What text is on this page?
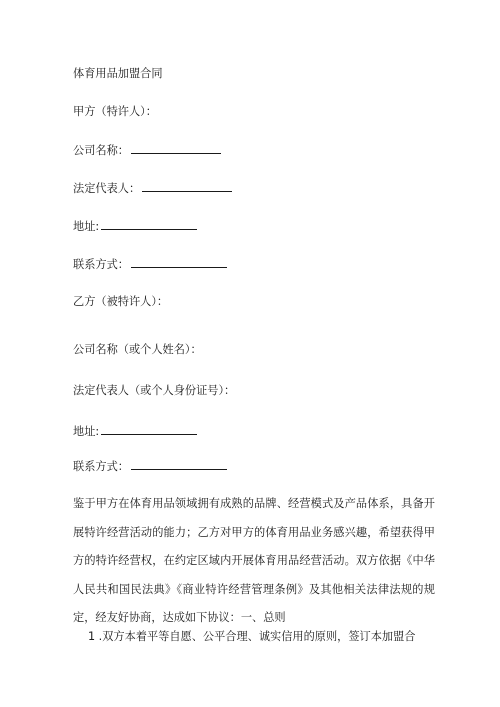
体育用品加盟合同
甲方（特许人）：
公司名称：
法定代表人：
地址:
联系方式：
乙方（被特许人）：
公司名称（或个人姓名）：
法定代表人（或个人身份证号）：
地址:
联系方式：
鉴于甲方在体育用品领域拥有成熟的品牌、经营模式及产品体系，具备开展特许经营活动的能力；乙方对甲方的体育用品业务感兴趣，希望获得甲方的特许经营权，在约定区域内开展体育用品经营活动。双方依据《中华人民共和国民法典》《商业特许经营管理条例》及其他相关法律法规的规定，经友好协商，达成如下协议：一、总则
1 .双方本着平等自愿、公平合理、诚实信用的原则，签订本加盟合
